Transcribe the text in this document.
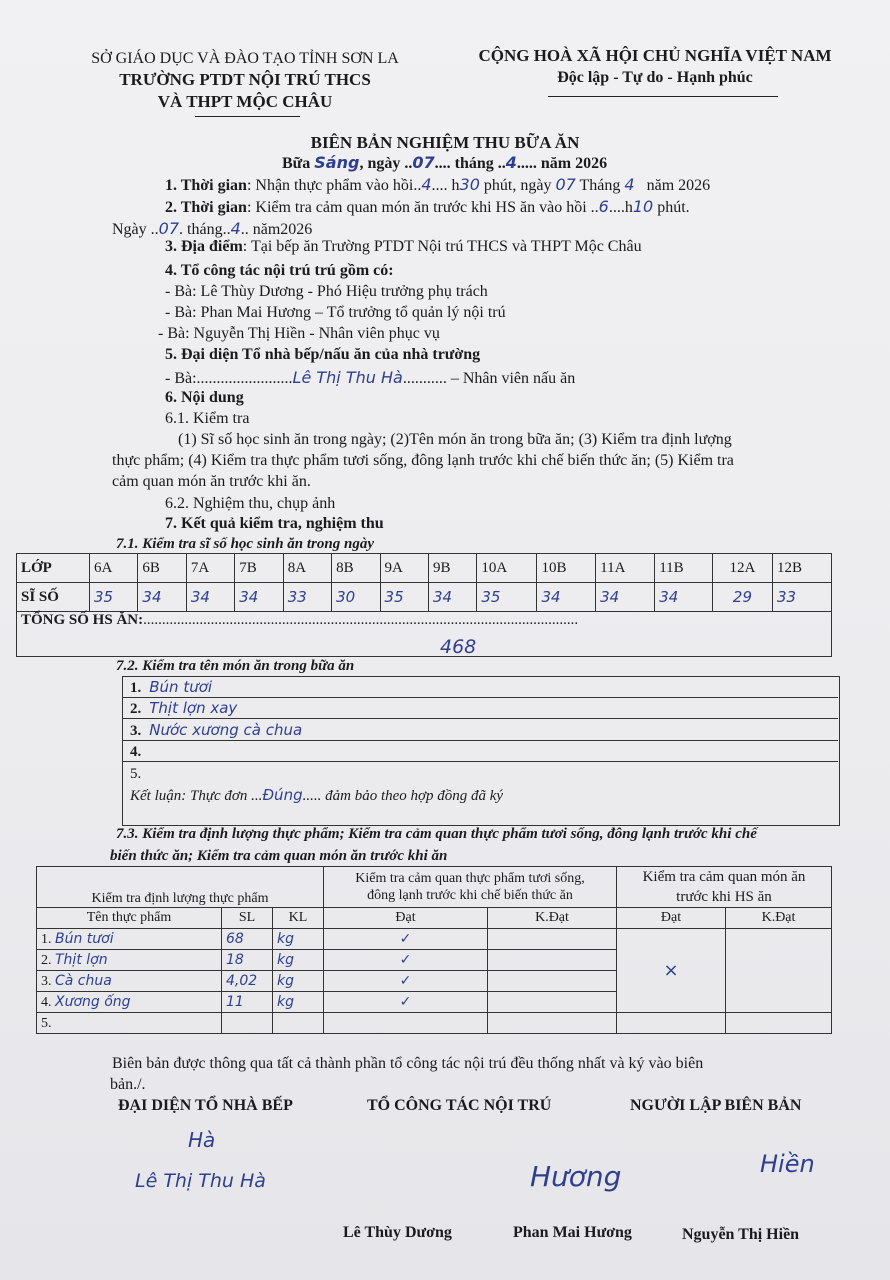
SỞ GIÁO DỤC VÀ ĐÀO TẠO TỈNH SƠN LA
TRƯỜNG PTDT NỘI TRÚ THCS
VÀ THPT MỘC CHÂU
CỘNG HOÀ XÃ HỘI CHỦ NGHĨA VIỆT NAM
Độc lập - Tự do - Hạnh phúc
BIÊN BẢN NGHIỆM THU BỮA ĂN
Bữa Sáng, ngày ..07.... tháng ..4..... năm 2026
1. Thời gian: Nhận thực phẩm vào hồi..4.... h30 phút, ngày 07 Tháng 4 năm 2026
2. Thời gian: Kiểm tra cảm quan món ăn trước khi HS ăn vào hồi ..6....h10 phút.
Ngày ..07. tháng..4.. năm2026
3. Địa điểm: Tại bếp ăn Trường PTDT Nội trú THCS và THPT Mộc Châu
4. Tổ công tác nội trú trú gồm có:
- Bà: Lê Thùy Dương - Phó Hiệu trưởng phụ trách
- Bà: Phan Mai Hương – Tổ trưởng tổ quản lý nội trú
- Bà: Nguyễn Thị Hiền - Nhân viên phục vụ
5. Đại diện Tổ nhà bếp/nấu ăn của nhà trường
- Bà:........................Lê Thị Thu Hà........... – Nhân viên nấu ăn
6. Nội dung
6.1. Kiểm tra
(1) Sĩ số học sinh ăn trong ngày; (2)Tên món ăn trong bữa ăn; (3) Kiểm tra định lượng
thực phẩm; (4) Kiểm tra thực phẩm tươi sống, đông lạnh trước khi chế biến thức ăn; (5) Kiểm tra
cảm quan món ăn trước khi ăn.
6.2. Nghiệm thu, chụp ảnh
7. Kết quả kiểm tra, nghiệm thu
7.1. Kiểm tra sĩ số học sinh ăn trong ngày
LỚP	6A	6B	7A	7B	8A	8B	9A	9B	10A	10B	11A	11B	12A	12B
SĨ SỐ	35	34	34	34	33	30	35	34	35	34	34	34	29	33
TỔNG SỐ HS ĂN:....................................................................................................................														
468
7.2. Kiểm tra tên món ăn trong bữa ăn
1. Bún tươi
2. Thịt lợn xay
3. Nước xương cà chua
4.
5.
Kết luận: Thực đơn ...Đúng..... đảm bảo theo hợp đồng đã ký
7.3. Kiểm tra định lượng thực phẩm; Kiểm tra cảm quan thực phẩm tươi sống, đông lạnh trước khi chế
biến thức ăn; Kiểm tra cảm quan món ăn trước khi ăn
Kiểm tra định lượng thực phẩm			Kiểm tra cảm quan thực phẩm tươi sống,
đông lạnh trước khi chế biến thức ăn		Kiểm tra cảm quan món ăn
trước khi HS ăn	
Tên thực phẩm	SL	KL	Đạt	K.Đạt	Đạt	K.Đạt
1. Bún tươi	68	kg	✓		×	
2. Thịt lợn	18	kg	✓			
3. Cà chua	4,02	kg	✓			
4. Xương ống	11	kg	✓			
5.						
Biên bản được thông qua tất cả thành phần tổ công tác nội trú đều thống nhất và ký vào biên
bản./.
ĐẠI DIỆN TỔ NHÀ BẾP	TỔ CÔNG TÁC NỘI TRÚ	NGƯỜI LẬP BIÊN BẢN
Hà
Lê Thị Thu Hà	Hương	Hiền
Lê Thùy Dương	Phan Mai Hương	Nguyễn Thị Hiền
